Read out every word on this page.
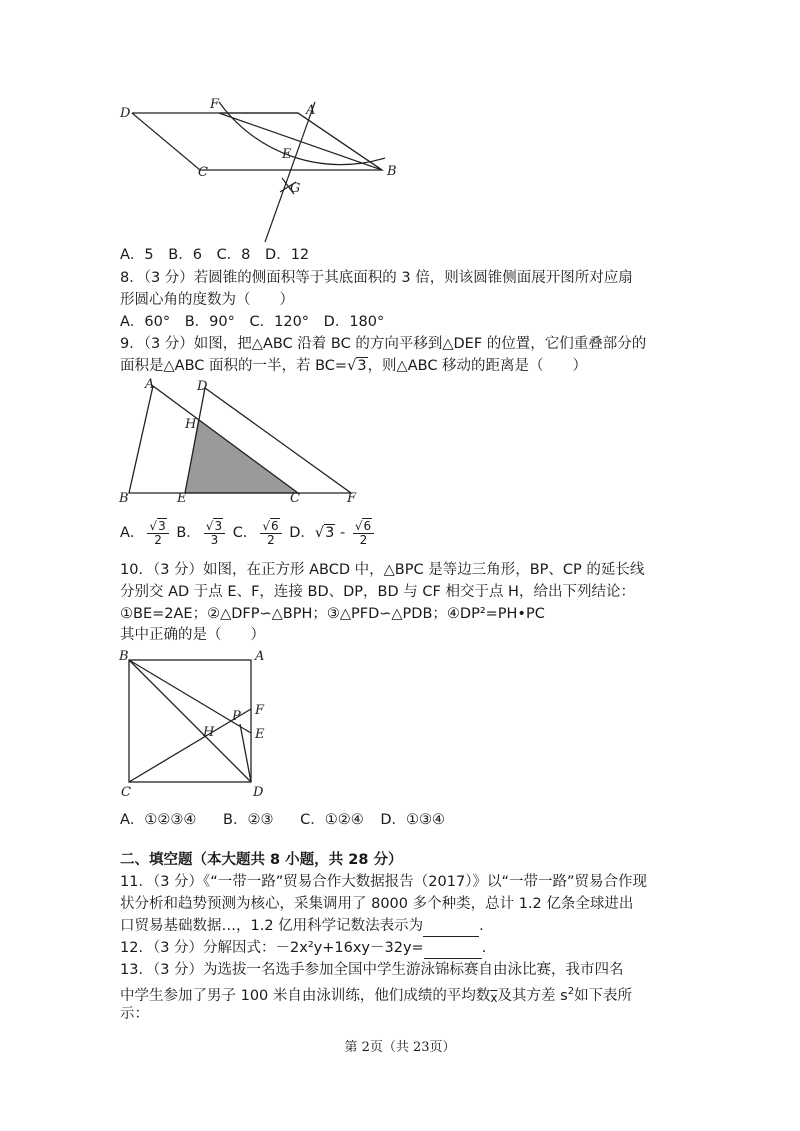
D
F	A
E
C	B
G
A．5 B．6 C．8 D．12
8．（3 分）若圆锥的侧面积等于其底面积的 3 倍，则该圆锥侧面展开图所对应扇
形圆心角的度数为（　　）
A．60° B．90° C．120° D．180°
9．（3 分）如图，把△ABC 沿着 BC 的方向平移到△DEF 的位置，它们重叠部分的
面积是△ABC 面积的一半，若 BC=√3，则△ABC 移动的距离是（　　）
A	D
H
B	E	C	F
A． $\frac{√3}{2}$ B． $\frac{√3}{3}$ C． $\frac{√6}{2}$ D．$√3 - \frac{√6}{2}$
10．（3 分）如图，在正方形 ABCD 中，△BPC 是等边三角形，BP、CP 的延长线
分别交 AD 于点 E、F，连接 BD、DP，BD 与 CF 相交于点 H，给出下列结论：
①BE=2AE；②△DFP∽△BPH；③△PFD∽△PDB；④DP²=PH•PC
其中正确的是（　　）
B	A
P F
H	E
C	D
A．①②③④ B．②③ C．①②④ D．①③④
二、填空题（本大题共 8 小题，共 28 分）
11．（3 分）《“一带一路”贸易合作大数据报告（2017）》以“一带一路”贸易合作现
状分析和趋势预测为核心，采集调用了 8000 多个种类，总计 1.2 亿条全球进出
口贸易基础数据…，1.2 亿用科学记数法表示为	.
12．（3 分）分解因式：－2x²y+16xy－32y=	.
13．（3 分）为选拔一名选手参加全国中学生游泳锦标赛自由泳比赛，我市四名
中学生参加了男子 100 米自由泳训练，他们成绩的平均数$\overline{x}$及其方差 $s^2$如下表所
示：
第 2页（共 23页）
